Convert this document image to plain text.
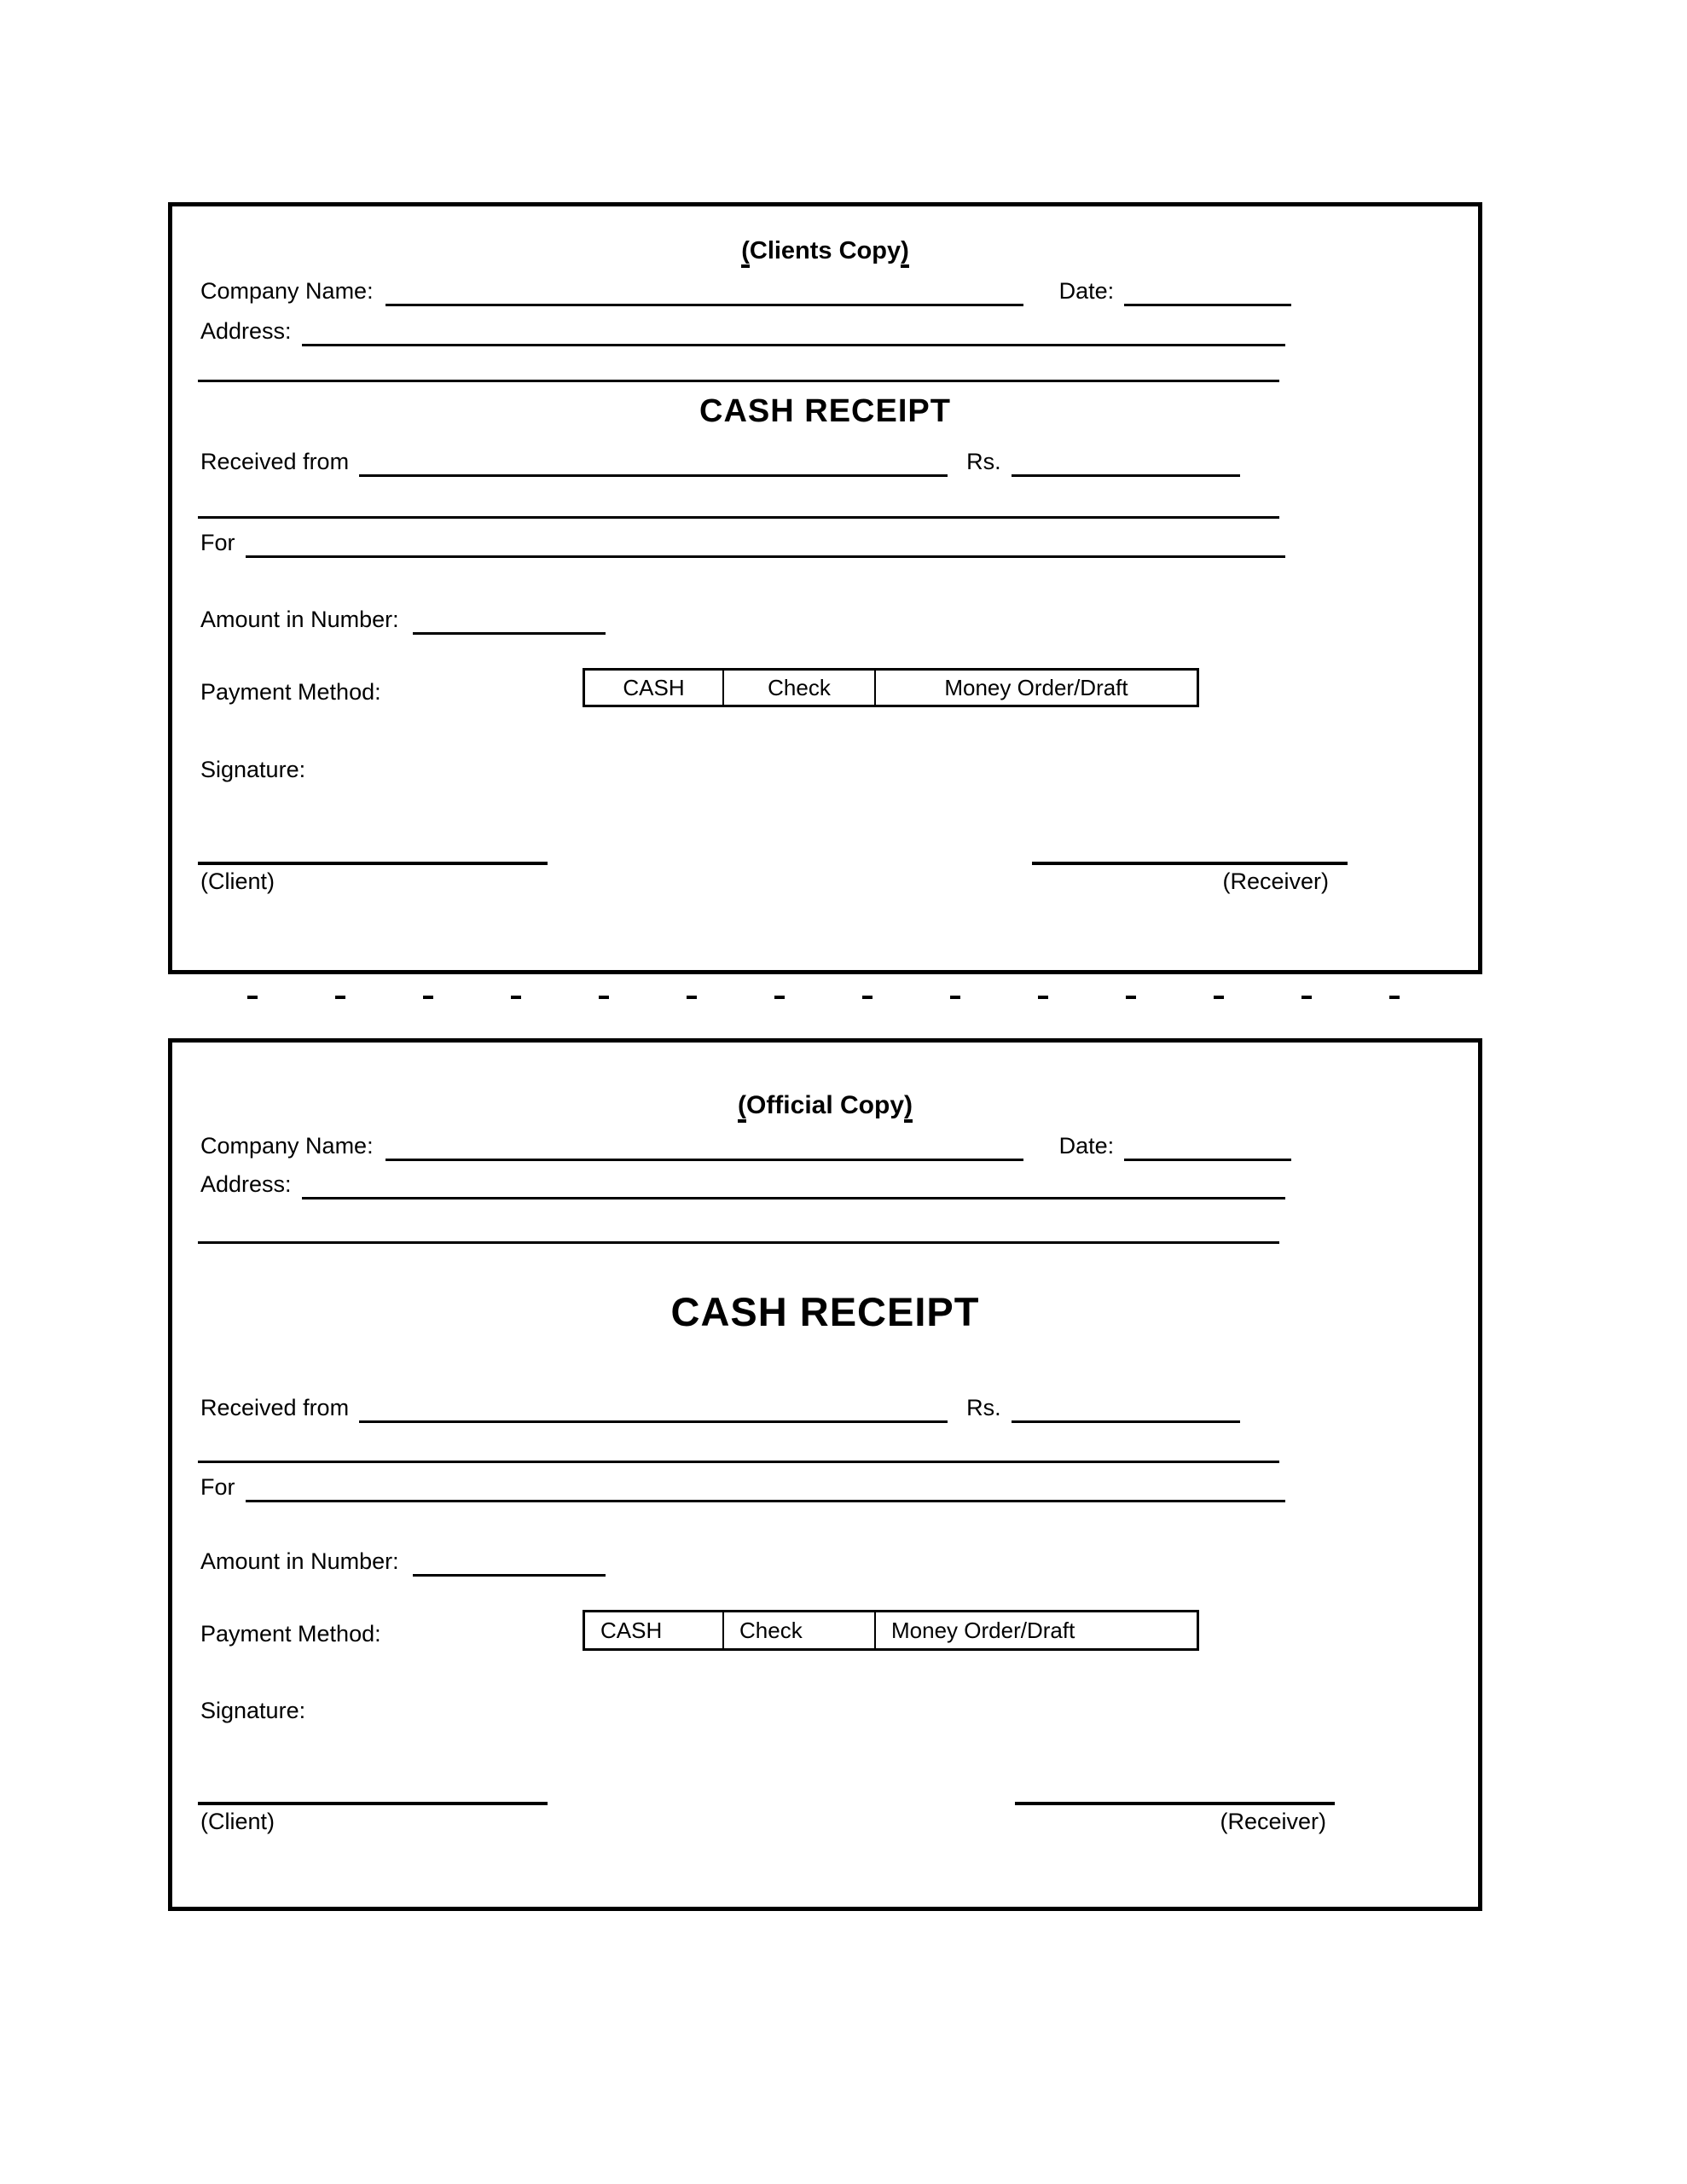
(Clients Copy)
Company Name:	Date:
Address:
CASH RECEIPT
Received from	Rs.
For
Amount in Number:
Payment Method:	CASH	Check	Money Order/Draft
Signature:
(Client)	(Receiver)
(Official Copy)
Company Name:	Date:
Address:
CASH RECEIPT
Received from	Rs.
For
Amount in Number:
Payment Method:	CASH	Check	Money Order/Draft
Signature:
(Client)	(Receiver)
